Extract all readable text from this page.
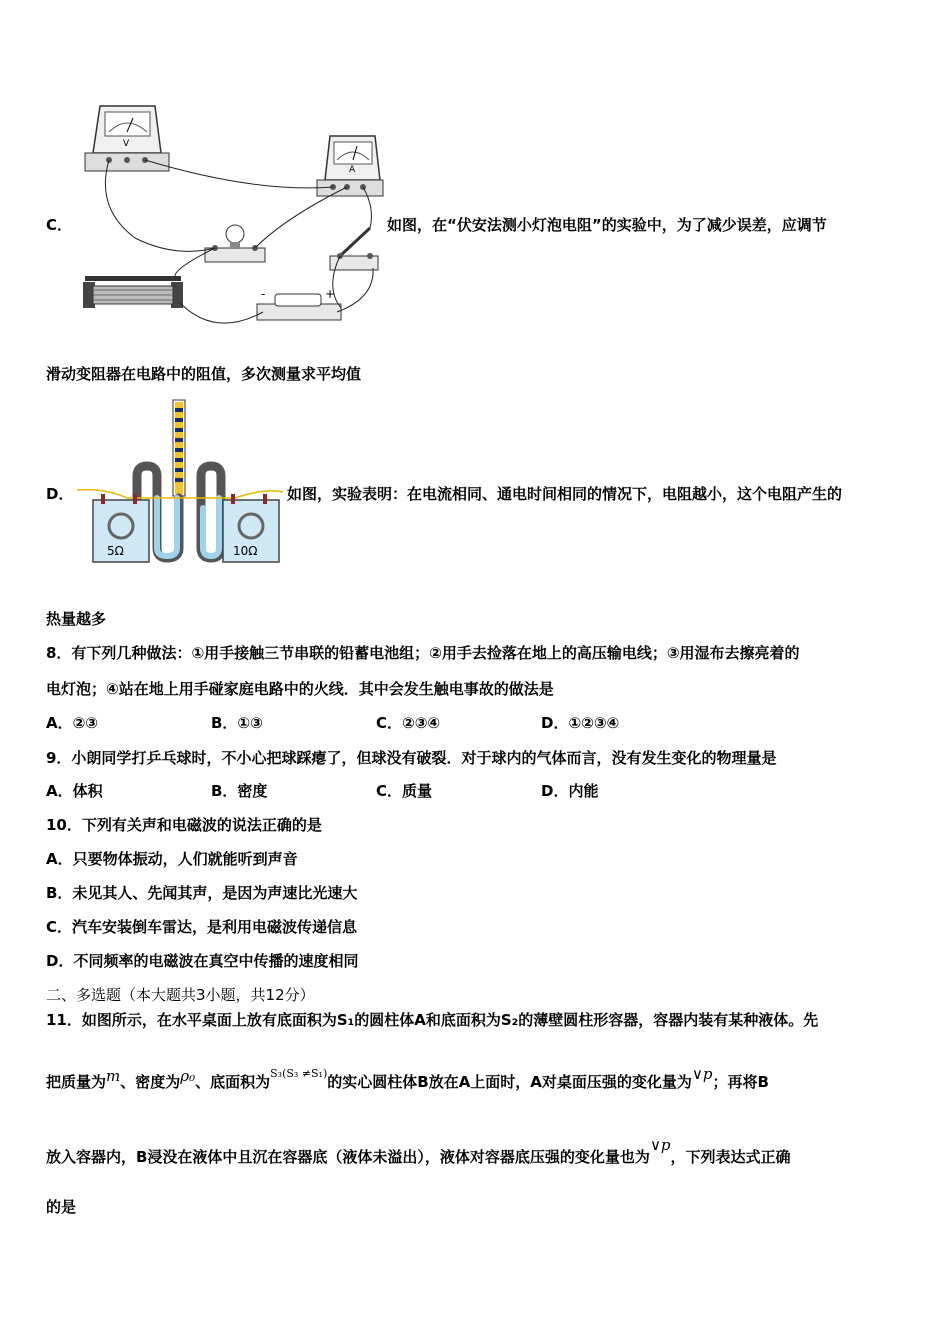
C．
V
A
-	+
如图，在“伏安法测小灯泡电阻”的实验中，为了减少误差，应调节
滑动变阻器在电路中的阻值，多次测量求平均值
D．
5Ω	10Ω
如图，实验表明：在电流相同、通电时间相同的情况下，电阻越小，这个电阻产生的
热量越多
8．有下列几种做法：①用手接触三节串联的铅蓄电池组；②用手去捡落在地上的高压输电线；③用湿布去擦亮着的
电灯泡；④站在地上用手碰家庭电路中的火线．其中会发生触电事故的做法是
A．②③	B．①③	C．②③④	D．①②③④
9．小朗同学打乒乓球时，不小心把球踩瘪了，但球没有破裂．对于球内的气体而言，没有发生变化的物理量是
A．体积	B．密度	C．质量	D．内能
10．下列有关声和电磁波的说法正确的是
A．只要物体振动，人们就能听到声音
B．未见其人、先闻其声，是因为声速比光速大
C．汽车安装倒车雷达，是利用电磁波传递信息
D．不同频率的电磁波在真空中传播的速度相同
二、多选题（本大题共3小题，共12分）
11．如图所示，在水平桌面上放有底面积为S₁的圆柱体A和底面积为S₂的薄壁圆柱形容器，容器内装有某种液体。先
把质量为m、密度为ρ₀、底面积为$^{S_3(S_3 \ne S_1)}$的实心圆柱体B放在A上面时，A对桌面压强的变化量为∨p；再将B
放入容器内，B浸没在液体中且沉在容器底（液体未溢出），液体对容器底压强的变化量也为∨p，下列表达式正确
的是
